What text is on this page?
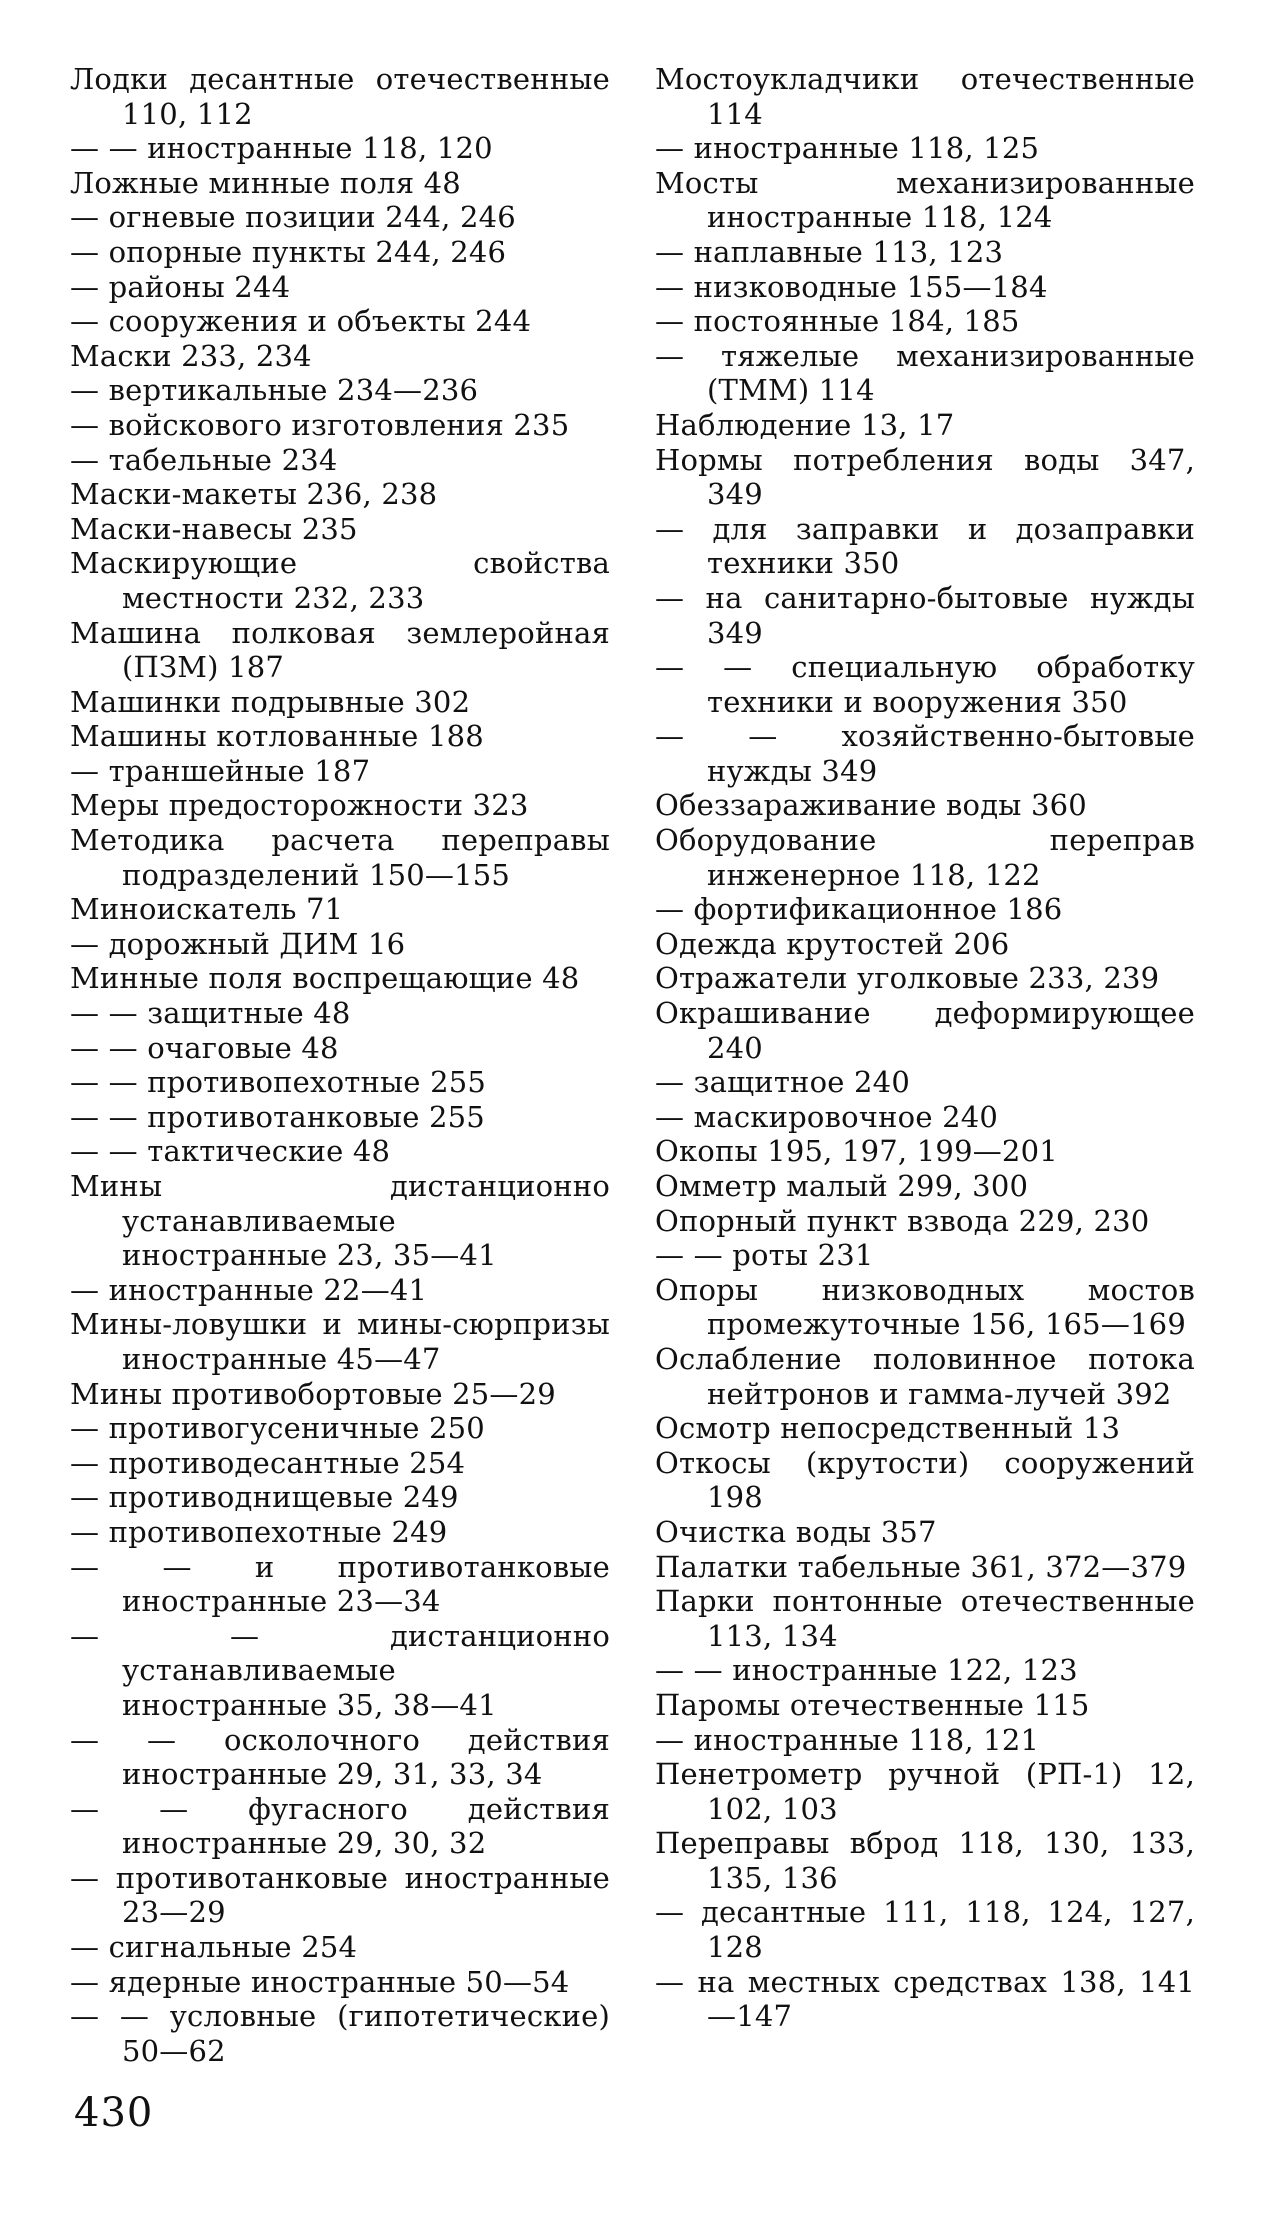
Лодки десантные отечественные 110, 112
— — иностранные 118, 120
Ложные минные поля 48
— огневые позиции 244, 246
— опорные пункты 244, 246
— районы 244
— сооружения и объекты 244
Маски 233, 234
— вертикальные 234—236
— войскового изготовления 235
— табельные 234
Маски-макеты 236, 238
Маски-навесы 235
Маскирующие свойства местности 232, 233
Машина полковая землеройная (ПЗМ) 187
Машинки подрывные 302
Машины котлованные 188
— траншейные 187
Меры предосторожности 323
Методика расчета переправы подразделений 150—155
Миноискатель 71
— дорожный ДИМ 16
Минные поля воспрещающие 48
— — защитные 48
— — очаговые 48
— — противопехотные 255
— — противотанковые 255
— — тактические 48
Мины дистанционно устанавливаемые иностранные 23, 35—41
— иностранные 22—41
Мины-ловушки и мины-сюрпризы иностранные 45—47
Мины противобортовые 25—29
— противогусеничные 250
— противодесантные 254
— противоднищевые 249
— противопехотные 249
— — и противотанковые иностранные 23—34
— — дистанционно устанавливаемые иностранные 35, 38—41
— — осколочного действия иностранные 29, 31, 33, 34
— — фугасного действия иностранные 29, 30, 32
— противотанковые иностранные 23—29
— сигнальные 254
— ядерные иностранные 50—54
— — условные (гипотетические) 50—62
Мостоукладчики отечественные 114
— иностранные 118, 125
Мосты механизированные иностранные 118, 124
— наплавные 113, 123
— низководные 155—184
— постоянные 184, 185
— тяжелые механизированные (ТММ) 114
Наблюдение 13, 17
Нормы потребления воды 347, 349
— для заправки и дозаправки техники 350
— на санитарно-бытовые нужды 349
— — специальную обработку техники и вооружения 350
— — хозяйственно-бытовые нужды 349
Обеззараживание воды 360
Оборудование переправ инженерное 118, 122
— фортификационное 186
Одежда крутостей 206
Отражатели уголковые 233, 239
Окрашивание деформирующее 240
— защитное 240
— маскировочное 240
Окопы 195, 197, 199—201
Омметр малый 299, 300
Опорный пункт взвода 229, 230
— — роты 231
Опоры низководных мостов промежуточные 156, 165—169
Ослабление половинное потока нейтронов и гамма-лучей 392
Осмотр непосредственный 13
Откосы (крутости) сооружений 198
Очистка воды 357
Палатки табельные 361, 372—379
Парки понтонные отечественные 113, 134
— — иностранные 122, 123
Паромы отечественные 115
— иностранные 118, 121
Пенетрометр ручной (РП-1) 12, 102, 103
Переправы вброд 118, 130, 133, 135, 136
— десантные 111, 118, 124, 127, 128
— на местных средствах 138, 141—147
430
